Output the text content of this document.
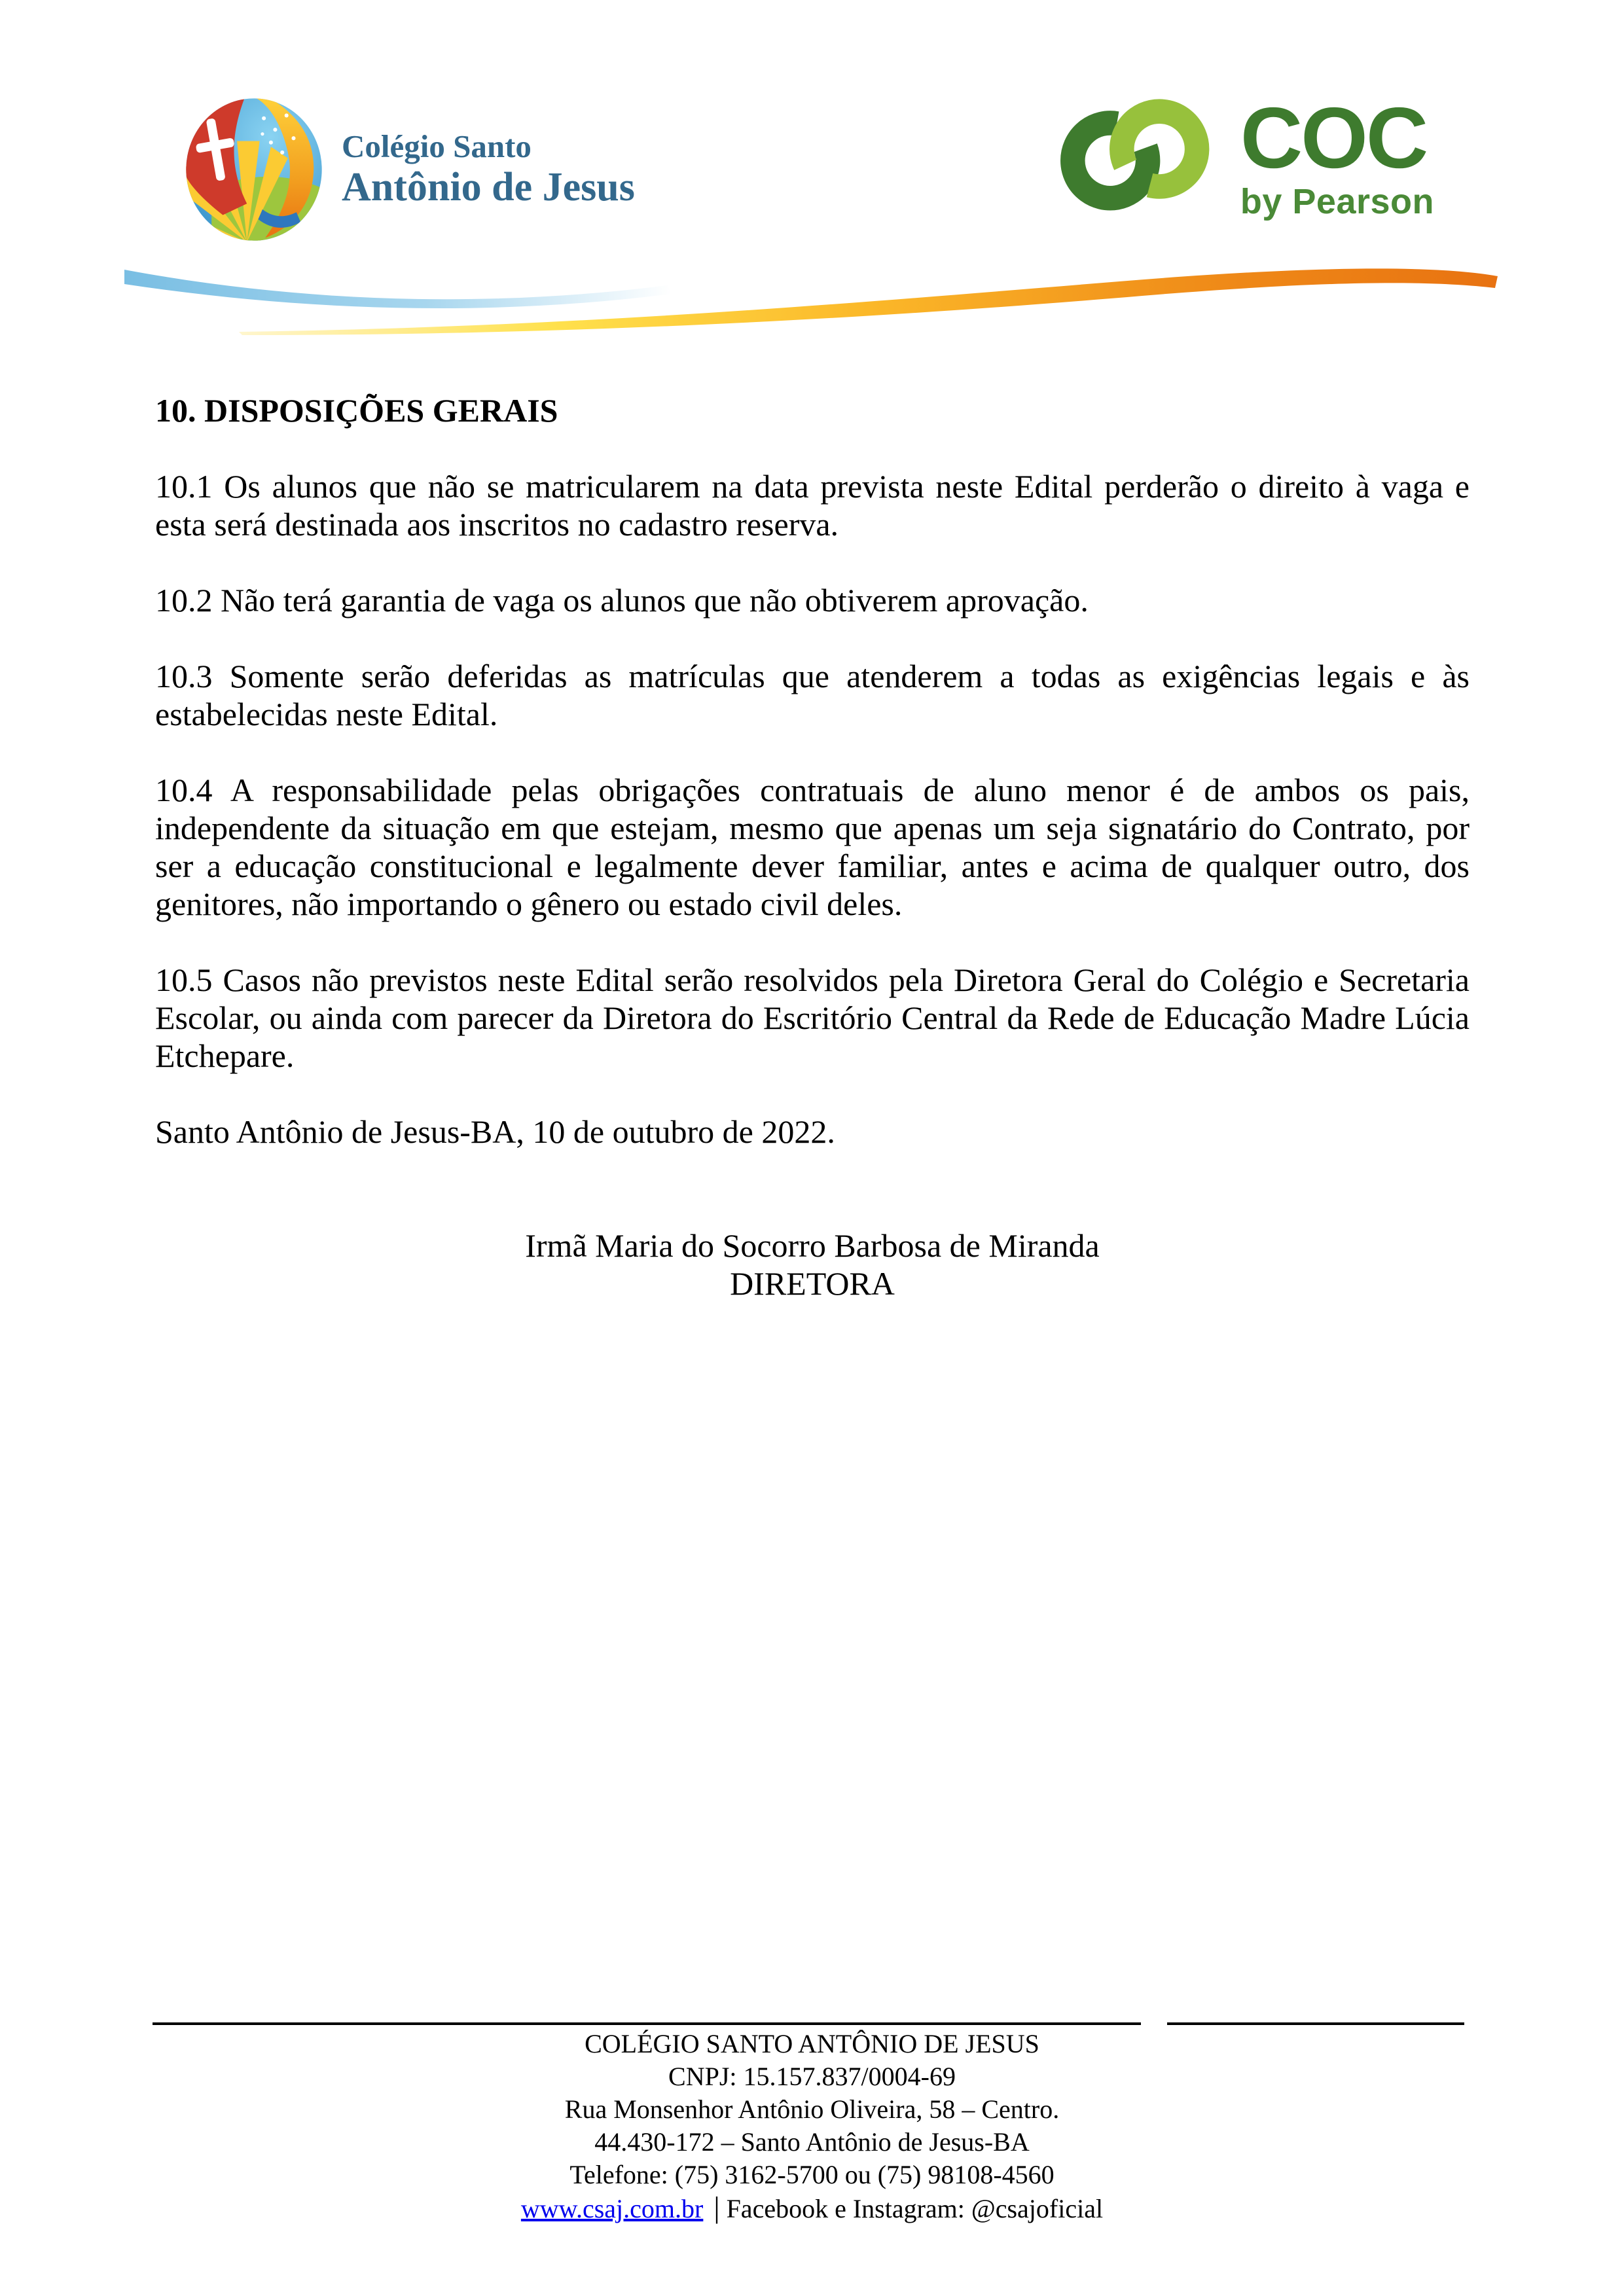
Colégio Santo
Antônio de Jesus
COC
by Pearson
10. DISPOSIÇÕES GERAIS

10.1 Os alunos que não se matricularem na data prevista neste Edital perderão o direito à vaga e esta será destinada aos inscritos no cadastro reserva.

10.2 Não terá garantia de vaga os alunos que não obtiverem aprovação.

10.3 Somente serão deferidas as matrículas que atenderem a todas as exigências legais e às estabelecidas neste Edital.

10.4 A responsabilidade pelas obrigações contratuais de aluno menor é de ambos os pais, independente da situação em que estejam, mesmo que apenas um seja signatário do Contrato, por ser a educação constitucional e legalmente dever familiar, antes e acima de qualquer outro, dos genitores, não importando o gênero ou estado civil deles.

10.5 Casos não previstos neste Edital serão resolvidos pela Diretora Geral do Colégio e Secretaria Escolar, ou ainda com parecer da Diretora do Escritório Central da Rede de Educação Madre Lúcia Etchepare.

Santo Antônio de Jesus-BA, 10 de outubro de 2022.

Irmã Maria do Socorro Barbosa de Miranda
DIRETORA
COLÉGIO SANTO ANTÔNIO DE JESUS
CNPJ: 15.157.837/0004-69
Rua Monsenhor Antônio Oliveira, 58 – Centro.
44.430-172 – Santo Antônio de Jesus-BA
Telefone: (75) 3162-5700 ou (75) 98108-4560
www.csaj.com.br | Facebook e Instagram: @csajoficial
